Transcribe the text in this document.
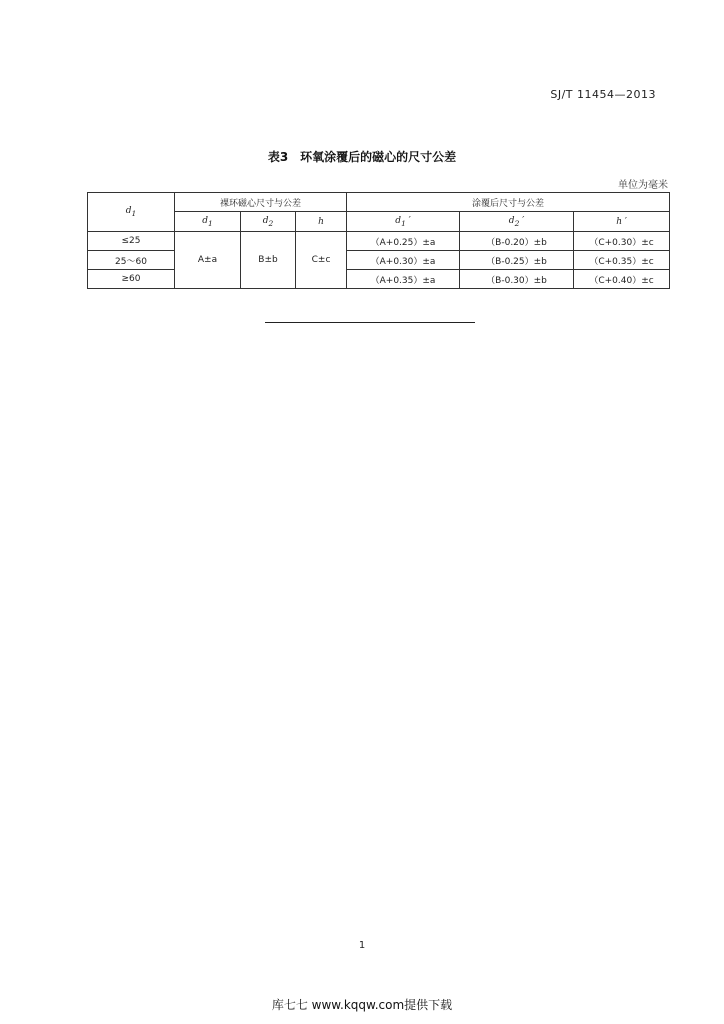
SJ/T 11454—2013
表3　环氧涂覆后的磁心的尺寸公差
单位为毫米
$d_1$	裸环磁心尺寸与公差			涂覆后尺寸与公差		
	$d_1$	$d_2$	h	$d_1$ ′	$d_2$ ′	h ′
≤25	A±a	B±b	C±c	（A+0.25）±a	（B-0.20）±b	（C+0.30）±c
25～60				（A+0.30）±a	（B-0.25）±b	（C+0.35）±c
≥60				（A+0.35）±a	（B-0.30）±b	（C+0.40）±c
1
库七七 www.kqqw.com提供下载
